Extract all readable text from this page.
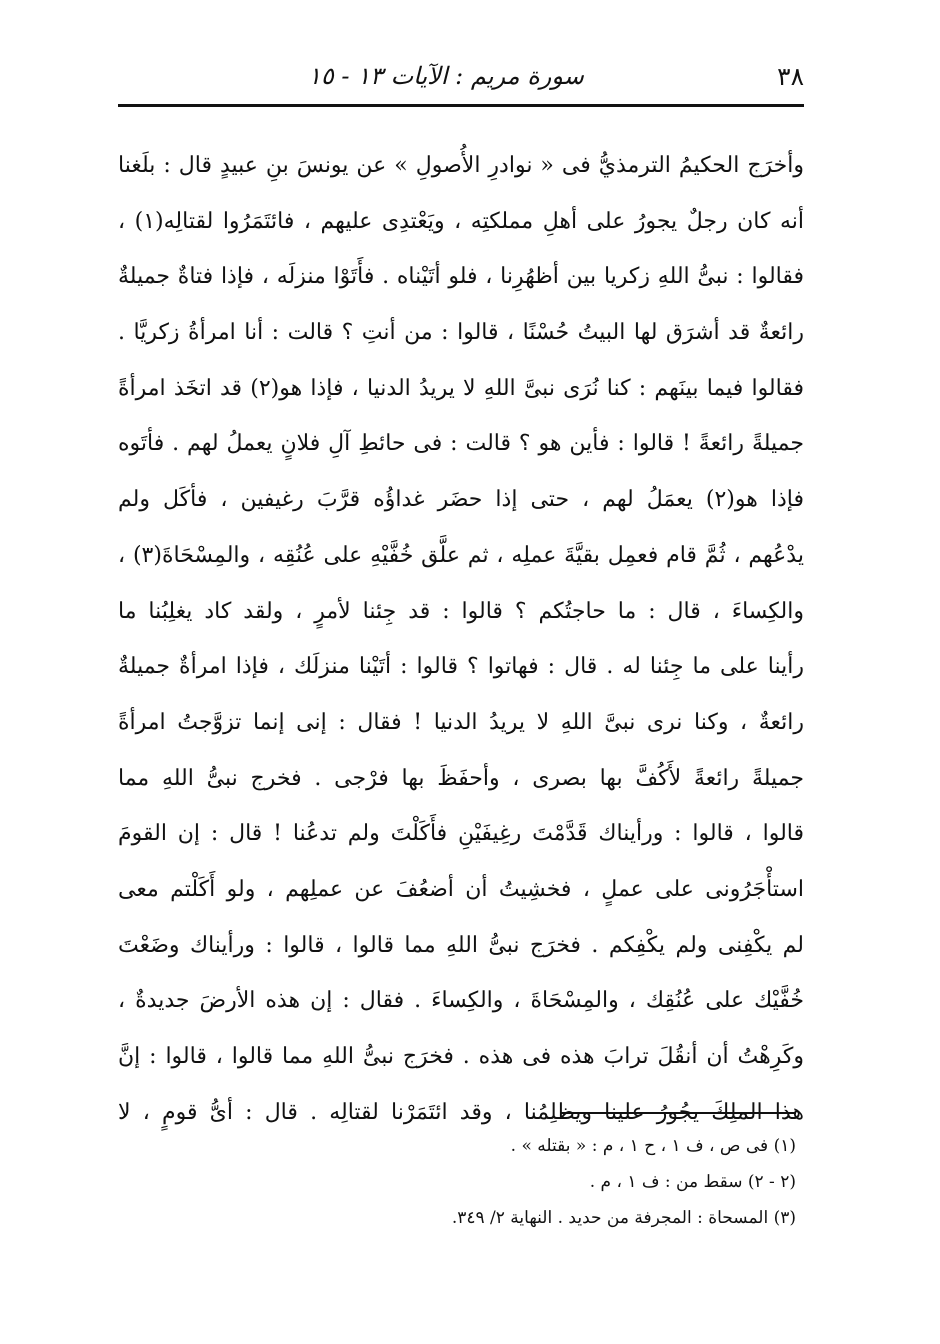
٣٨
سورة مريم : الآيات ١٣ - ١٥
وأخرَج الحكيمُ الترمذيُّ فى « نوادرِ الأُصولِ » عن يونسَ بنِ عبيدٍ قال : بلَغنا
أنه كان رجلٌ يجورُ على أهلِ مملكتِه ، ويَعْتدِى عليهم ، فائتَمَرُوا لقتالِه(١) ،
فقالوا : نبىُّ اللهِ زكريا بين أظهُرِنا ، فلو أتَيْناه . فأَتَوْا منزلَه ، فإذا فتاةٌ جميلةٌ
رائعةٌ قد أشرَق لها البيتُ حُسْنًا ، قالوا : من أنتِ ؟ قالت : أنا امرأةُ زكريَّا .
فقالوا فيما بينَهم : كنا نُرَى نبىَّ اللهِ لا يريدُ الدنيا ، فإذا هو(٢) قد اتخَذ امرأةً
جميلةً رائعةً ! قالوا : فأين هو ؟ قالت : فى حائطِ آلِ فلانٍ يعملُ لهم . فأتَوه
فإذا هو(٢) يعمَلُ لهم ، حتى إذا حضَر غداؤُه قرَّبَ رغيفين ، فأكَل ولم
يدْعُهم ، ثُمَّ قام فعمِل بقيَّةَ عملِه ، ثم علَّق خُفَّيْهِ على عُنُقِه ، والمِسْحَاةَ(٣) ،
والكِساءَ ، قال : ما حاجتُكم ؟ قالوا : قد جِئنا لأمرٍ ، ولقد كاد يغلِبُنا ما
رأينا على ما جِئنا له . قال : فهاتوا ؟ قالوا : أتَيْنا منزلَك ، فإذا امرأةٌ جميلةٌ
رائعةٌ ، وكنا نرى نبىَّ اللهِ لا يريدُ الدنيا ! فقال : إنى إنما تزوَّجتُ امرأةً
جميلةً رائعةً لأَكُفَّ بها بصرى ، وأحفَظَ بها فرْجى . فخرج نبىُّ اللهِ مما
قالوا ، قالوا : ورأيناك قَدَّمْتَ رغِيفَيْنِ فأَكَلْتَ ولم تدعُنا ! قال : إن القومَ
استأْجَرُونى على عملٍ ، فخشِيتُ أن أضعُفَ عن عملِهم ، ولو أَكَلْتم معى
لم يكْفِنى ولم يكْفِكم . فخرَج نبىُّ اللهِ مما قالوا ، قالوا : ورأيناك وضَعْتَ
خُفَّيْك على عُنُقِك ، والمِسْحَاةَ ، والكِساءَ . فقال : إن هذه الأرضَ جديدةٌ ،
وكَرِهْتُ أن أنقُلَ ترابَ هذه فى هذه . فخرَج نبىُّ اللهِ مما قالوا ، قالوا : إنَّ
هذا الملِكَ يجُورُ علينا ويظلِمُنا ، وقد ائتَمَرْنا لقتالِه . قال : أىُّ قومٍ ، لا
(١) فى ص ، ف ١ ، ح ١ ، م : « بقتله » .
(٢ - ٢) سقط من : ف ١ ، م .
(٣) المسحاة : المجرفة من حديد . النهاية ٢/ ٣٤٩.
